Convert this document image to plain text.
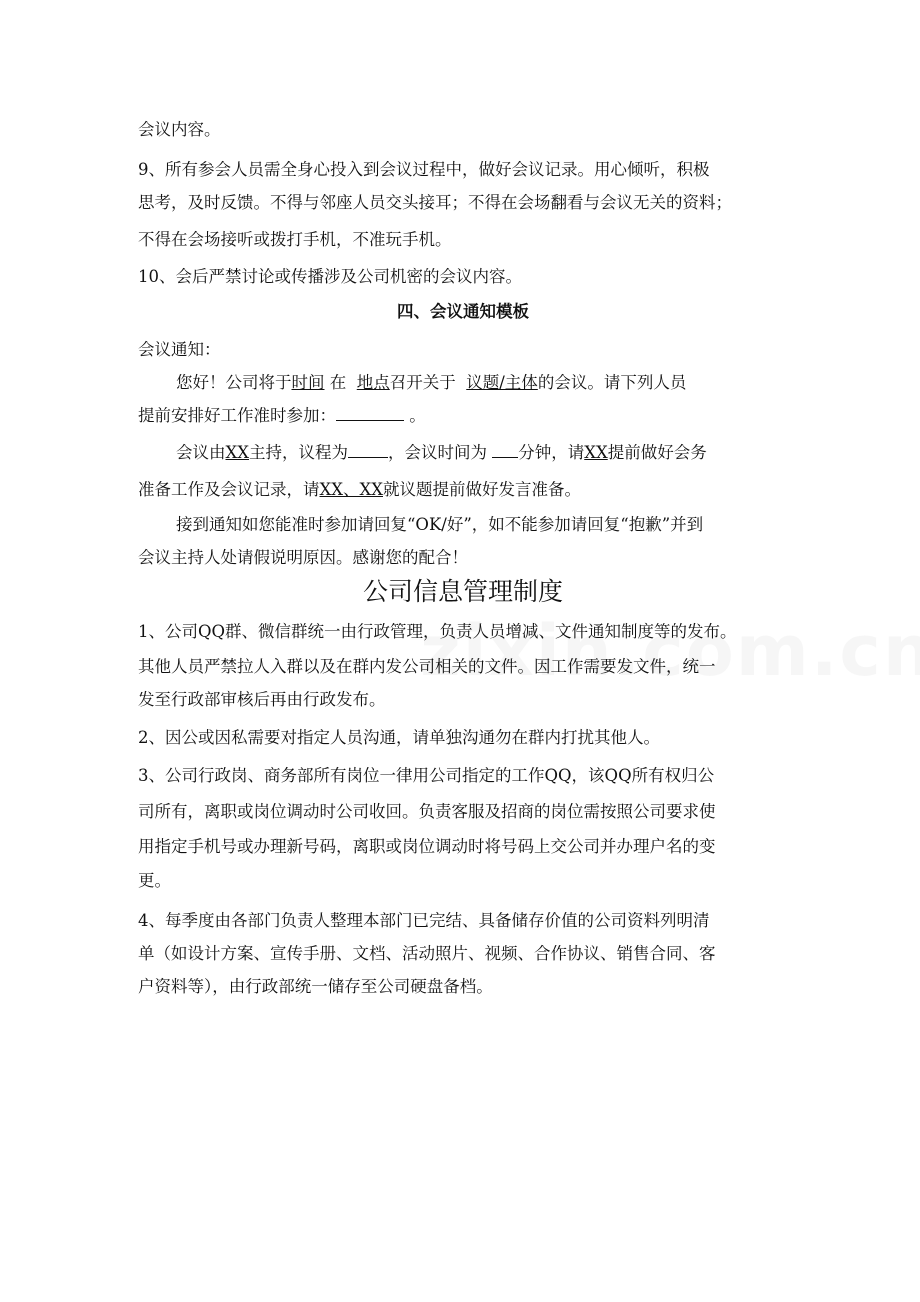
会议内容。
9、所有参会人员需全身心投入到会议过程中，做好会议记录。用心倾听，积极
思考，及时反馈。不得与邻座人员交头接耳；不得在会场翻看与会议无关的资料；
不得在会场接听或拨打手机，不准玩手机。
10、会后严禁讨论或传播涉及公司机密的会议内容。
四、会议通知模板
会议通知：
您好！公司将于时间 在  地点召开关于  议题/主体的会议。请下列人员
提前安排好工作准时参加：	。
会议由XX主持，议程为 ，会议时间为 分钟，请XX提前做好会务
准备工作及会议记录，请XX、XX就议题提前做好发言准备。
接到通知如您能准时参加请回复“OK/好”，如不能参加请回复“抱歉”并到
会议主持人处请假说明原因。感谢您的配合！
公司信息管理制度
1、公司QQ群、微信群统一由行政管理，负责人员增减、文件通知制度等的发布。
其他人员严禁拉人入群以及在群内发公司相关的文件。因工作需要发文件，统一
发至行政部审核后再由行政发布。
2、因公或因私需要对指定人员沟通，请单独沟通勿在群内打扰其他人。
3、公司行政岗、商务部所有岗位一律用公司指定的工作QQ，该QQ所有权归公
司所有，离职或岗位调动时公司收回。负责客服及招商的岗位需按照公司要求使
用指定手机号或办理新号码，离职或岗位调动时将号码上交公司并办理户名的变
更。
4、每季度由各部门负责人整理本部门已完结、具备储存价值的公司资料列明清
单（如设计方案、宣传手册、文档、活动照片、视频、合作协议、销售合同、客
户资料等），由行政部统一储存至公司硬盘备档。
